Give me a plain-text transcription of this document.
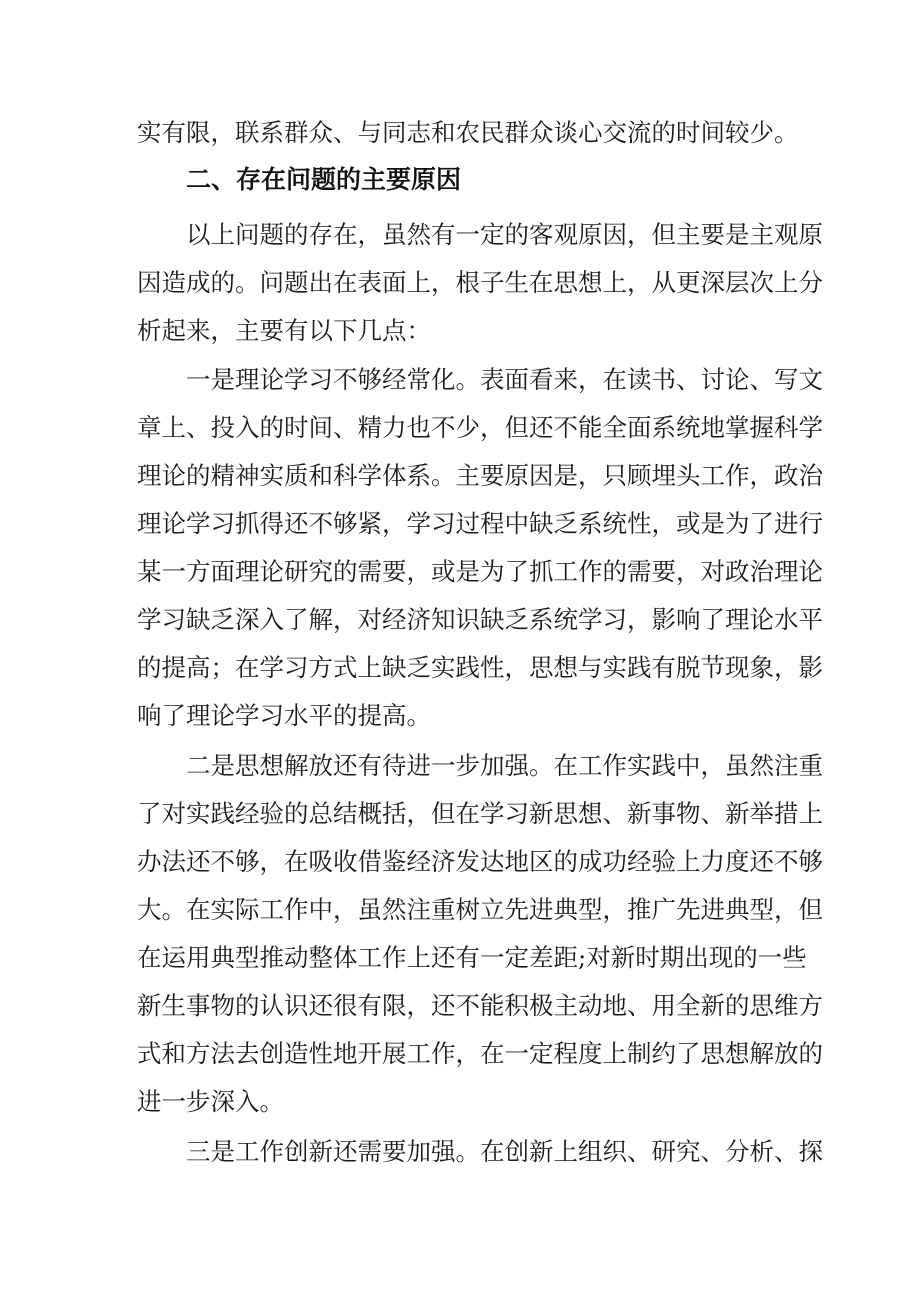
实有限，联系群众、与同志和农民群众谈心交流的时间较少。
二、存在问题的主要原因
以上问题的存在，虽然有一定的客观原因，但主要是主观原
因造成的。问题出在表面上，根子生在思想上，从更深层次上分
析起来，主要有以下几点：
一是理论学习不够经常化。表面看来，在读书、讨论、写文
章上、投入的时间、精力也不少，但还不能全面系统地掌握科学
理论的精神实质和科学体系。主要原因是，只顾埋头工作，政治
理论学习抓得还不够紧，学习过程中缺乏系统性，或是为了进行
某一方面理论研究的需要，或是为了抓工作的需要，对政治理论
学习缺乏深入了解，对经济知识缺乏系统学习，影响了理论水平
的提高；在学习方式上缺乏实践性，思想与实践有脱节现象，影
响了理论学习水平的提高。
二是思想解放还有待进一步加强。在工作实践中，虽然注重
了对实践经验的总结概括，但在学习新思想、新事物、新举措上
办法还不够，在吸收借鉴经济发达地区的成功经验上力度还不够
大。在实际工作中，虽然注重树立先进典型，推广先进典型，但
在运用典型推动整体工作上还有一定差距;对新时期出现的一些
新生事物的认识还很有限，还不能积极主动地、用全新的思维方
式和方法去创造性地开展工作，在一定程度上制约了思想解放的
进一步深入。
三是工作创新还需要加强。在创新上组织、研究、分析、探
